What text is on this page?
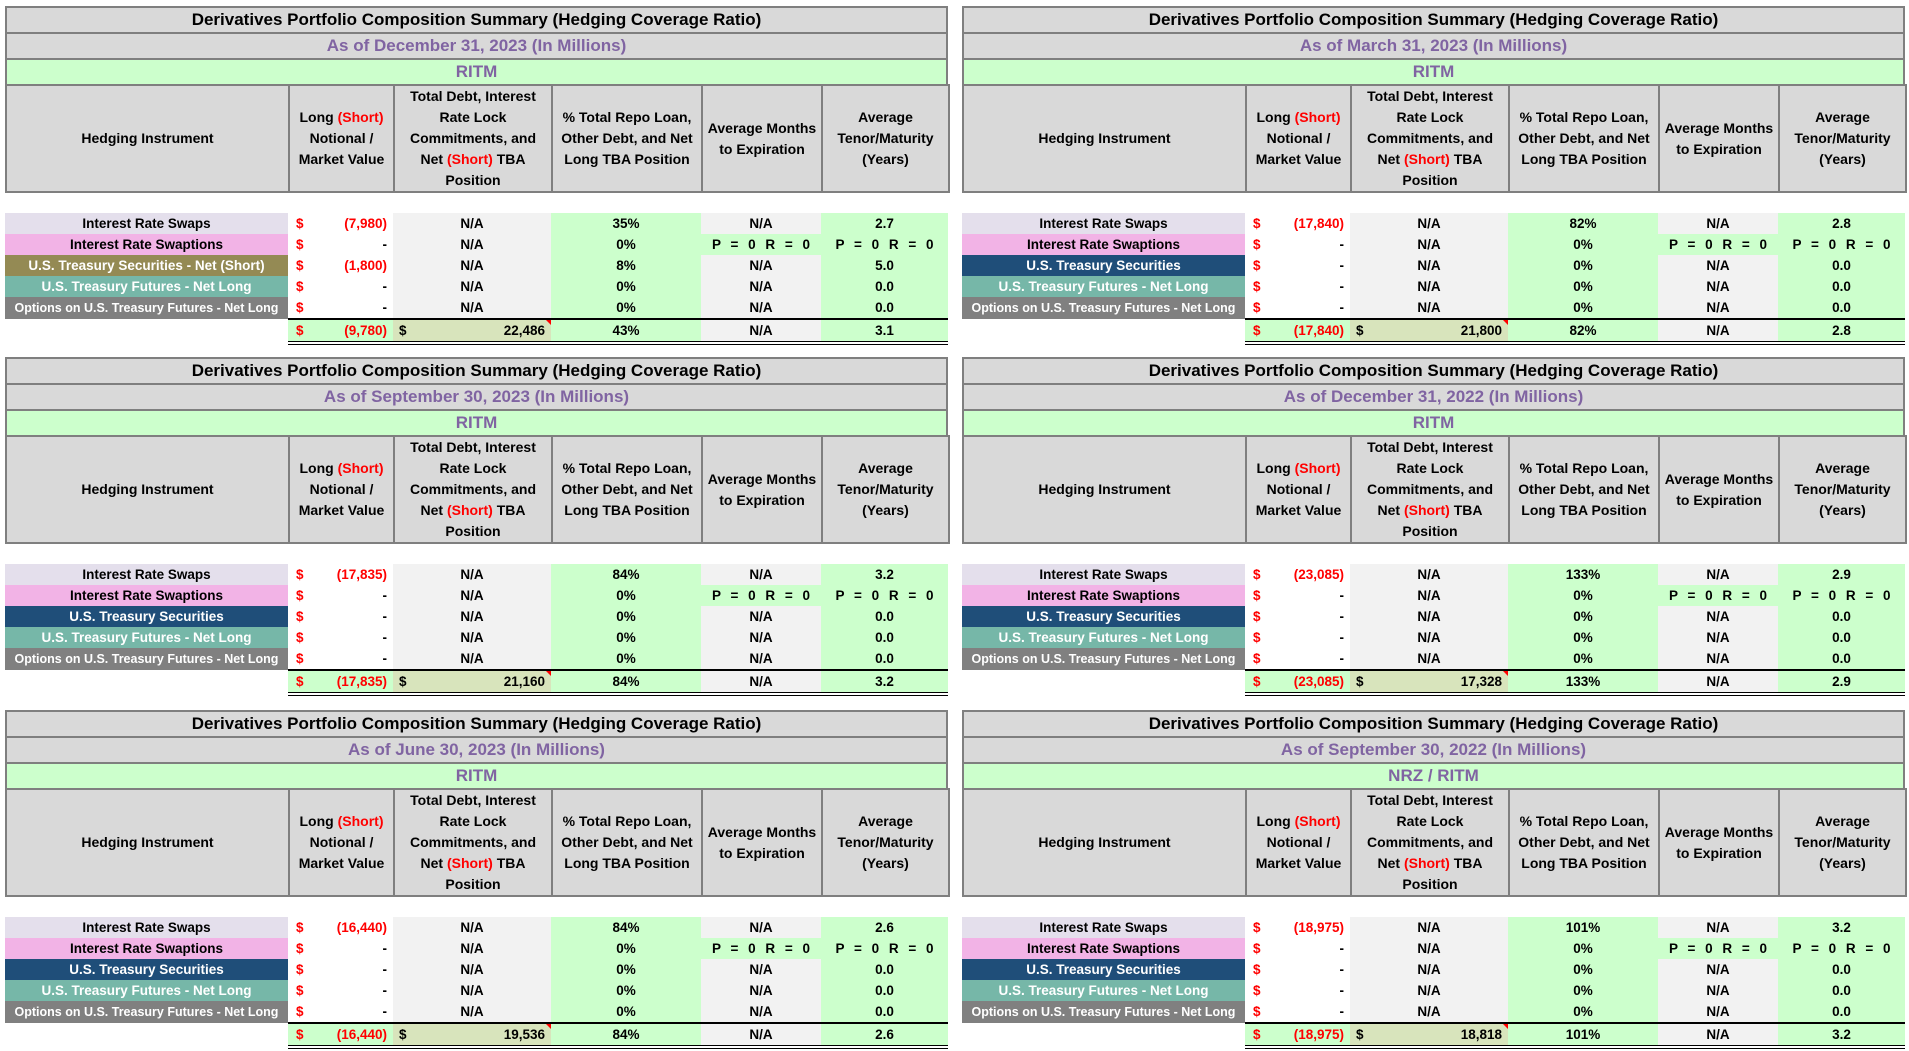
Derivatives Portfolio Composition Summary (Hedging Coverage Ratio)
As of December 31, 2023 (In Millions)
RITM
Hedging Instrument	Long (Short) Notional / Market Value	Total Debt, Interest Rate Lock Commitments, and Net (Short) TBA Position	% Total Repo Loan, Other Debt, and Net Long TBA Position	Average Months to Expiration	Average Tenor/Maturity (Years)
Interest Rate Swaps	$ (7,980)	N/A	35%	N/A	2.7
Interest Rate Swaptions	$ -	N/A	0%	P = 0 R = 0	P = 0 R = 0
U.S. Treasury Securities - Net (Short)	$ (1,800)	N/A	8%	N/A	5.0
U.S. Treasury Futures - Net Long	$ -	N/A	0%	N/A	0.0
Options on U.S. Treasury Futures - Net Long	$ -	N/A	0%	N/A	0.0

	$ (9,780)	$ 22,486	43%	N/A	3.1
Derivatives Portfolio Composition Summary (Hedging Coverage Ratio)
As of March 31, 2023 (In Millions)
RITM
Hedging Instrument	Long (Short) Notional / Market Value	Total Debt, Interest Rate Lock Commitments, and Net (Short) TBA Position	% Total Repo Loan, Other Debt, and Net Long TBA Position	Average Months to Expiration	Average Tenor/Maturity (Years)
Interest Rate Swaps	$ (17,840)	N/A	82%	N/A	2.8
Interest Rate Swaptions	$ -	N/A	0%	P = 0 R = 0	P = 0 R = 0
U.S. Treasury Securities	$ -	N/A	0%	N/A	0.0
U.S. Treasury Futures - Net Long	$ -	N/A	0%	N/A	0.0
Options on U.S. Treasury Futures - Net Long	$ -	N/A	0%	N/A	0.0

	$ (17,840)	$ 21,800	82%	N/A	2.8
Derivatives Portfolio Composition Summary (Hedging Coverage Ratio)
As of September 30, 2023 (In Millions)
RITM
Hedging Instrument	Long (Short) Notional / Market Value	Total Debt, Interest Rate Lock Commitments, and Net (Short) TBA Position	% Total Repo Loan, Other Debt, and Net Long TBA Position	Average Months to Expiration	Average Tenor/Maturity (Years)
Interest Rate Swaps	$ (17,835)	N/A	84%	N/A	3.2
Interest Rate Swaptions	$ -	N/A	0%	P = 0 R = 0	P = 0 R = 0
U.S. Treasury Securities	$ -	N/A	0%	N/A	0.0
U.S. Treasury Futures - Net Long	$ -	N/A	0%	N/A	0.0
Options on U.S. Treasury Futures - Net Long	$ -	N/A	0%	N/A	0.0

	$ (17,835)	$ 21,160	84%	N/A	3.2
Derivatives Portfolio Composition Summary (Hedging Coverage Ratio)
As of December 31, 2022 (In Millions)
RITM
Hedging Instrument	Long (Short) Notional / Market Value	Total Debt, Interest Rate Lock Commitments, and Net (Short) TBA Position	% Total Repo Loan, Other Debt, and Net Long TBA Position	Average Months to Expiration	Average Tenor/Maturity (Years)
Interest Rate Swaps	$ (23,085)	N/A	133%	N/A	2.9
Interest Rate Swaptions	$ -	N/A	0%	P = 0 R = 0	P = 0 R = 0
U.S. Treasury Securities	$ -	N/A	0%	N/A	0.0
U.S. Treasury Futures - Net Long	$ -	N/A	0%	N/A	0.0
Options on U.S. Treasury Futures - Net Long	$ -	N/A	0%	N/A	0.0

	$ (23,085)	$ 17,328	133%	N/A	2.9
Derivatives Portfolio Composition Summary (Hedging Coverage Ratio)
As of June 30, 2023 (In Millions)
RITM
Hedging Instrument	Long (Short) Notional / Market Value	Total Debt, Interest Rate Lock Commitments, and Net (Short) TBA Position	% Total Repo Loan, Other Debt, and Net Long TBA Position	Average Months to Expiration	Average Tenor/Maturity (Years)
Interest Rate Swaps	$ (16,440)	N/A	84%	N/A	2.6
Interest Rate Swaptions	$ -	N/A	0%	P = 0 R = 0	P = 0 R = 0
U.S. Treasury Securities	$ -	N/A	0%	N/A	0.0
U.S. Treasury Futures - Net Long	$ -	N/A	0%	N/A	0.0
Options on U.S. Treasury Futures - Net Long	$ -	N/A	0%	N/A	0.0

	$ (16,440)	$ 19,536	84%	N/A	2.6
Derivatives Portfolio Composition Summary (Hedging Coverage Ratio)
As of September 30, 2022 (In Millions)
NRZ / RITM
Hedging Instrument	Long (Short) Notional / Market Value	Total Debt, Interest Rate Lock Commitments, and Net (Short) TBA Position	% Total Repo Loan, Other Debt, and Net Long TBA Position	Average Months to Expiration	Average Tenor/Maturity (Years)
Interest Rate Swaps	$ (18,975)	N/A	101%	N/A	3.2
Interest Rate Swaptions	$ -	N/A	0%	P = 0 R = 0	P = 0 R = 0
U.S. Treasury Securities	$ -	N/A	0%	N/A	0.0
U.S. Treasury Futures - Net Long	$ -	N/A	0%	N/A	0.0
Options on U.S. Treasury Futures - Net Long	$ -	N/A	0%	N/A	0.0

	$ (18,975)	$ 18,818	101%	N/A	3.2
